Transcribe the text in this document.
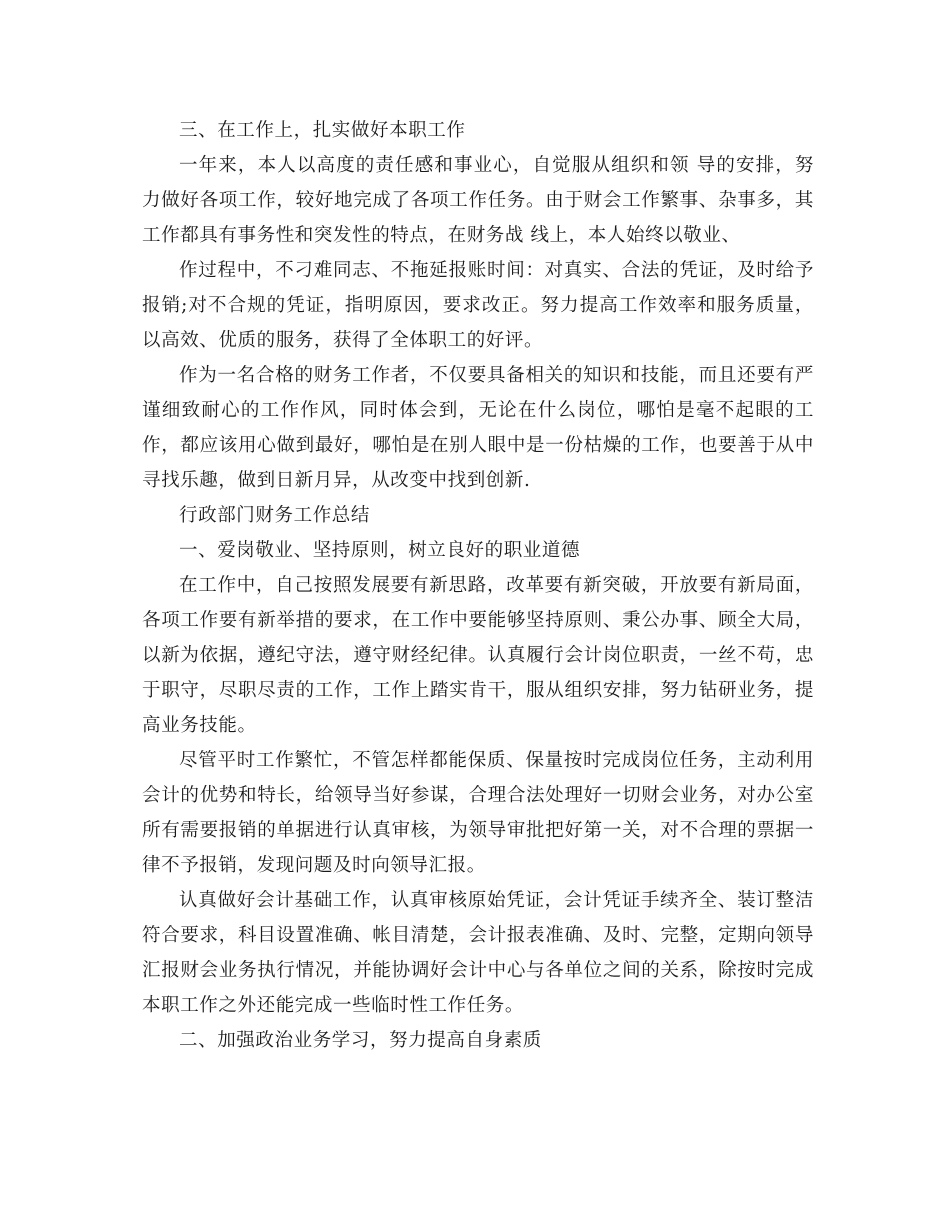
三、在工作上，扎实做好本职工作

一年来，本人以高度的责任感和事业心，自觉服从组织和领 导的安排，努力做好各项工作，较好地完成了各项工作任务。由于财会工作繁事、杂事多，其工作都具有事务性和突发性的特点，在财务战 线上，本人始终以敬业、

作过程中，不刁难同志、不拖延报账时间：对真实、合法的凭证，及时给予报销;对不合规的凭证，指明原因，要求改正。努力提高工作效率和服务质量，以高效、优质的服务，获得了全体职工的好评。

作为一名合格的财务工作者，不仅要具备相关的知识和技能，而且还要有严谨细致耐心的工作作风，同时体会到，无论在什么岗位，哪怕是毫不起眼的工作，都应该用心做到最好，哪怕是在别人眼中是一份枯燥的工作，也要善于从中寻找乐趣，做到日新月异，从改变中找到创新.

行政部门财务工作总结

一、爱岗敬业、坚持原则，树立良好的职业道德

在工作中，自己按照发展要有新思路，改革要有新突破，开放要有新局面，各项工作要有新举措的要求，在工作中要能够坚持原则、秉公办事、顾全大局，以新为依据，遵纪守法，遵守财经纪律。认真履行会计岗位职责，一丝不苟，忠于职守，尽职尽责的工作，工作上踏实肯干，服从组织安排，努力钻研业务，提高业务技能。

尽管平时工作繁忙，不管怎样都能保质、保量按时完成岗位任务，主动利用会计的优势和特长，给领导当好参谋，合理合法处理好一切财会业务，对办公室所有需要报销的单据进行认真审核，为领导审批把好第一关，对不合理的票据一律不予报销，发现问题及时向领导汇报。

认真做好会计基础工作，认真审核原始凭证，会计凭证手续齐全、装订整洁符合要求，科目设置准确、帐目清楚，会计报表准确、及时、完整，定期向领导汇报财会业务执行情况，并能协调好会计中心与各单位之间的关系，除按时完成本职工作之外还能完成一些临时性工作任务。

二、加强政治业务学习，努力提高自身素质
